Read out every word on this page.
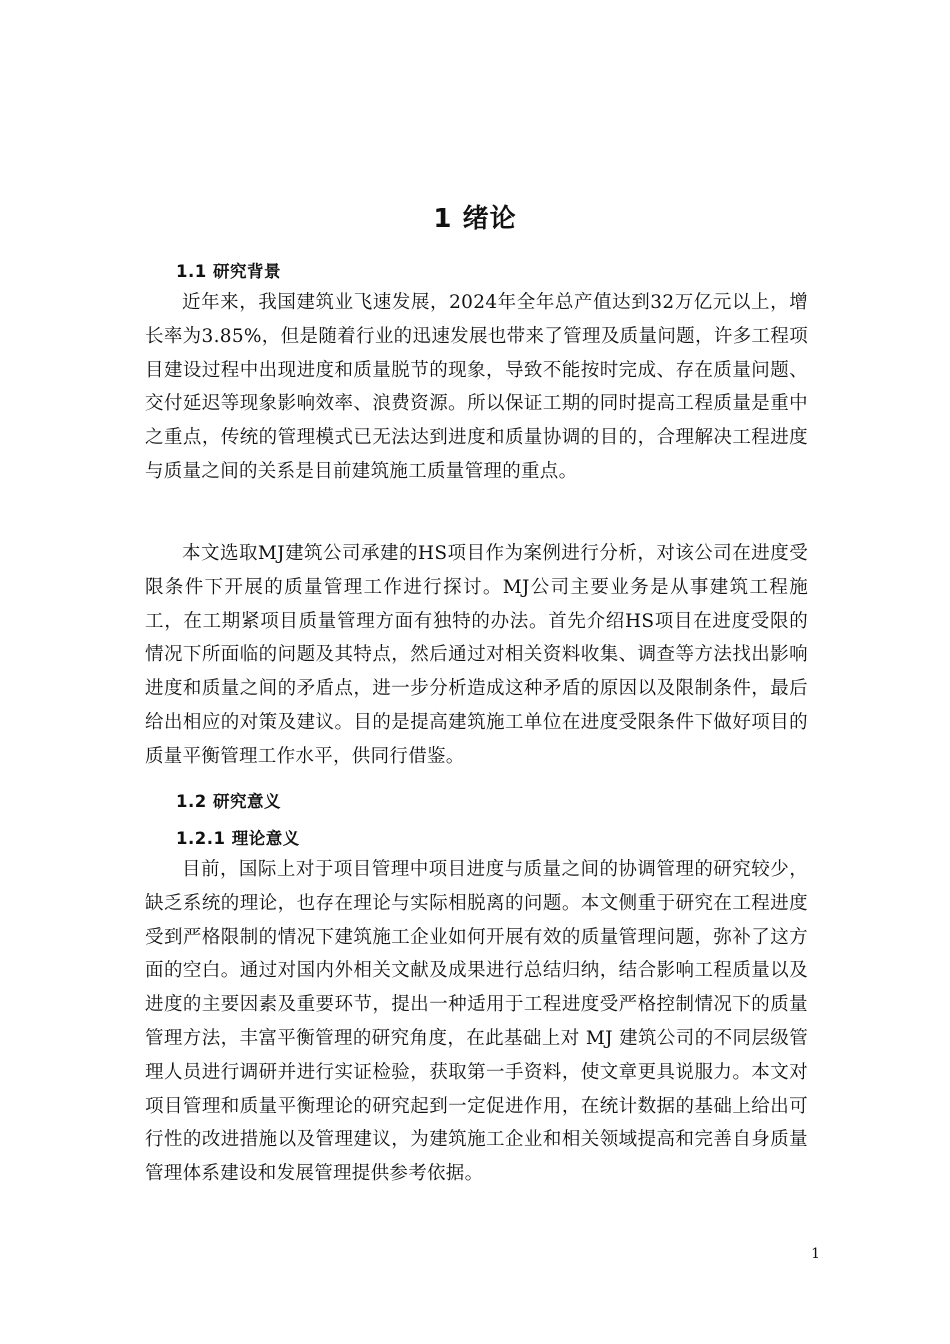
1 绪论
1.1 研究背景

近年来，我国建筑业飞速发展，2024年全年总产值达到32万亿元以上，增长率为3.85%，但是随着行业的迅速发展也带来了管理及质量问题，许多工程项目建设过程中出现进度和质量脱节的现象，导致不能按时完成、存在质量问题、交付延迟等现象影响效率、浪费资源。所以保证工期的同时提高工程质量是重中之重点，传统的管理模式已无法达到进度和质量协调的目的，合理解决工程进度与质量之间的关系是目前建筑施工质量管理的重点。

本文选取MJ建筑公司承建的HS项目作为案例进行分析，对该公司在进度受限条件下开展的质量管理工作进行探讨。MJ公司主要业务是从事建筑工程施工，在工期紧项目质量管理方面有独特的办法。首先介绍HS项目在进度受限的情况下所面临的问题及其特点，然后通过对相关资料收集、调查等方法找出影响进度和质量之间的矛盾点，进一步分析造成这种矛盾的原因以及限制条件，最后给出相应的对策及建议。目的是提高建筑施工单位在进度受限条件下做好项目的质量平衡管理工作水平，供同行借鉴。

1.2 研究意义
1.2.1 理论意义

目前，国际上对于项目管理中项目进度与质量之间的协调管理的研究较少，缺乏系统的理论，也存在理论与实际相脱离的问题。本文侧重于研究在工程进度受到严格限制的情况下建筑施工企业如何开展有效的质量管理问题，弥补了这方面的空白。通过对国内外相关文献及成果进行总结归纳，结合影响工程质量以及进度的主要因素及重要环节，提出一种适用于工程进度受严格控制情况下的质量管理方法，丰富平衡管理的研究角度，在此基础上对 MJ 建筑公司的不同层级管理人员进行调研并进行实证检验，获取第一手资料，使文章更具说服力。本文对项目管理和质量平衡理论的研究起到一定促进作用，在统计数据的基础上给出可行性的改进措施以及管理建议，为建筑施工企业和相关领域提高和完善自身质量管理体系建设和发展管理提供参考依据。

1
